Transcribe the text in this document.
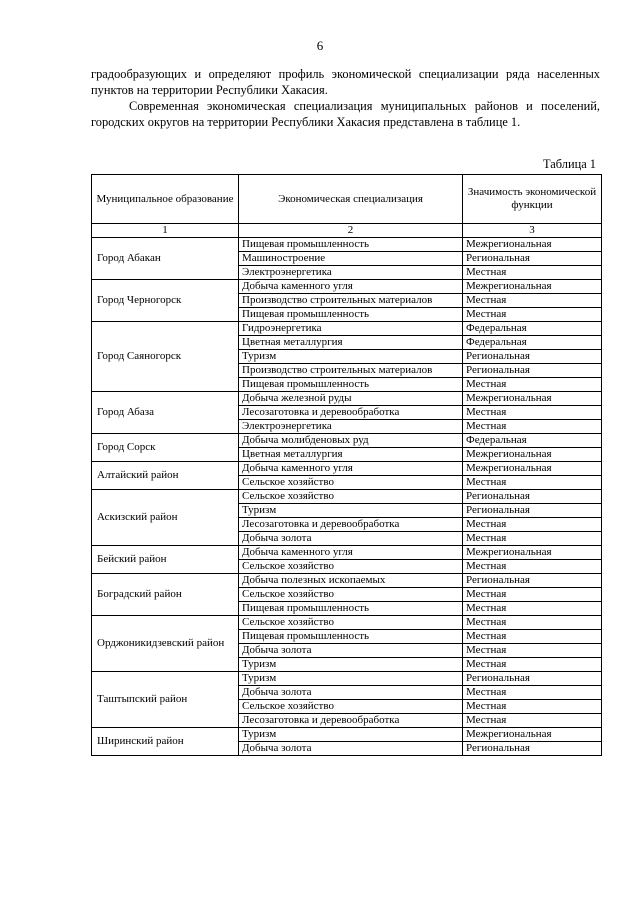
6

градообразующих и определяют профиль экономической специализации ряда населенных пунктов на территории Республики Хакасия.

Современная экономическая специализация муниципальных районов и поселений, городских округов на территории Республики Хакасия представлена в таблице 1.

Таблица 1
Муниципальное образование	Экономическая специализация	Значимость экономической функции
1	2	3
Город Абакан	Пищевая промышленность	Межрегиональная
	Машиностроение	Региональная
	Электроэнергетика	Местная
Город Черногорск	Добыча каменного угля	Межрегиональная
	Производство строительных материалов	Местная
	Пищевая промышленность	Местная
Город Саяногорск	Гидроэнергетика	Федеральная
	Цветная металлургия	Федеральная
	Туризм	Региональная
	Производство строительных материалов	Региональная
	Пищевая промышленность	Местная
Город Абаза	Добыча железной руды	Межрегиональная
	Лесозаготовка и деревообработка	Местная
	Электроэнергетика	Местная
Город Сорск	Добыча молибденовых руд	Федеральная
	Цветная металлургия	Межрегиональная
Алтайский район	Добыча каменного угля	Межрегиональная
	Сельское хозяйство	Местная
Аскизский район	Сельское хозяйство	Региональная
	Туризм	Региональная
	Лесозаготовка и деревообработка	Местная
	Добыча золота	Местная
Бейский район	Добыча каменного угля	Межрегиональная
	Сельское хозяйство	Местная
Боградский район	Добыча полезных ископаемых	Региональная
	Сельское хозяйство	Местная
	Пищевая промышленность	Местная
Орджоникидзевский район	Сельское хозяйство	Местная
	Пищевая промышленность	Местная
	Добыча золота	Местная
	Туризм	Местная
Таштыпский район	Туризм	Региональная
	Добыча золота	Местная
	Сельское хозяйство	Местная
	Лесозаготовка и деревообработка	Местная
Ширинский район	Туризм	Межрегиональная
	Добыча золота	Региональная
